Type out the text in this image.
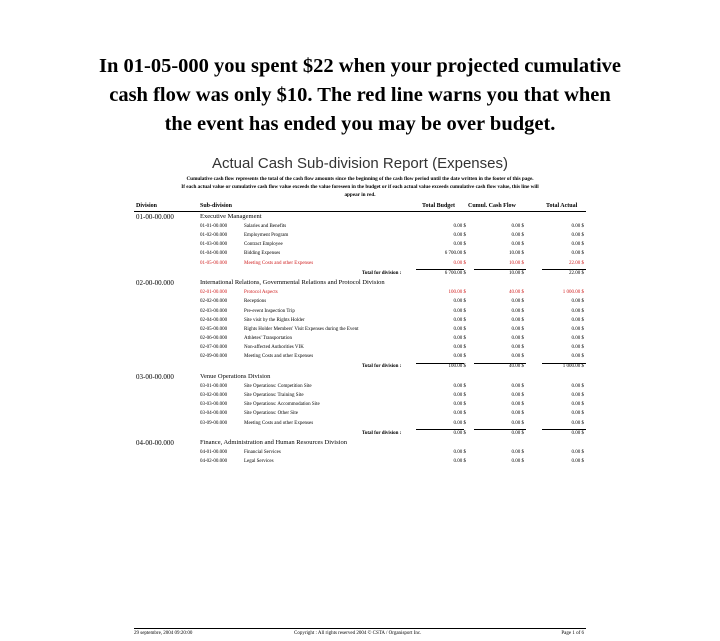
In 01-05-000 you spent $22 when your projected cumulative
cash flow was only $10. The red line warns you that when
the event has ended you may be over budget.
Actual Cash Sub-division Report (Expenses)
Cumulative cash flow represents the total of the cash flow amounts since the beginning of the cash flow period until the date written in the footer of this page.
If each actual value or cumulative cash flow value exceeds the value foreseen in the budget or if each actual value exceeds cumulative cash flow value, this line will
appear in red.
Division	Sub-division	Total Budget Cumul. Cash Flow	Total Actual
01-00-00.000	Executive Management
01-01-00.000	Salaries and Benefits	0.00 $	0.00 $	0.00 $
01-02-00.000	Employment Program	0.00 $	0.00 $	0.00 $
01-03-00.000	Contract Employee	0.00 $	0.00 $	0.00 $
01-04-00.000	Bidding Expenses	6 700.00 $	10.00 $	0.00 $
01-05-00.000	Meeting Costs and other Expenses	0.00 $	10.00 $	22.00 $
Total for division :	6 700.00 $	10.00 $	22.00 $
02-00-00.000	International Relations, Governmental Relations and Protocol Division
02-01-00.000	Protocol Aspects	100.00 $	40.00 $	1 000.00 $
02-02-00.000	Receptions	0.00 $	0.00 $	0.00 $
02-03-00.000	Pre-event Inspection Trip	0.00 $	0.00 $	0.00 $
02-04-00.000	Site visit by the Rights Holder	0.00 $	0.00 $	0.00 $
02-05-00.000	Rights Holder Members' Visit Expenses during the Event	0.00 $	0.00 $	0.00 $
02-06-00.000	Athletes' Transportation	0.00 $	0.00 $	0.00 $
02-07-00.000	Non-affected Authorities VIK	0.00 $	0.00 $	0.00 $
02-09-00.000	Meeting Costs and other Expenses	0.00 $	0.00 $	0.00 $
Total for division :	100.00 $	40.00 $	1 000.00 $
03-00-00.000	Venue Operations Division
03-01-00.000	Site Operations: Competition Site	0.00 $	0.00 $	0.00 $
03-02-00.000	Site Operations: Training Site	0.00 $	0.00 $	0.00 $
03-03-00.000	Site Operations: Accommodation Site	0.00 $	0.00 $	0.00 $
03-04-00.000	Site Operations: Other Site	0.00 $	0.00 $	0.00 $
03-09-00.000	Meeting Costs and other Expenses	0.00 $	0.00 $	0.00 $
Total for division :	0.00 $	0.00 $	0.00 $
04-00-00.000	Finance, Administration and Human Resources Division
04-01-00.000	Financial Services	0.00 $	0.00 $	0.00 $
04-02-00.000	Legal Services	0.00 $	0.00 $	0.00 $
29 septembre, 2004 09:20:00	Copyright : All rights reserved 2004 © CSTA / Organisport Inc.	Page 1 of 6
